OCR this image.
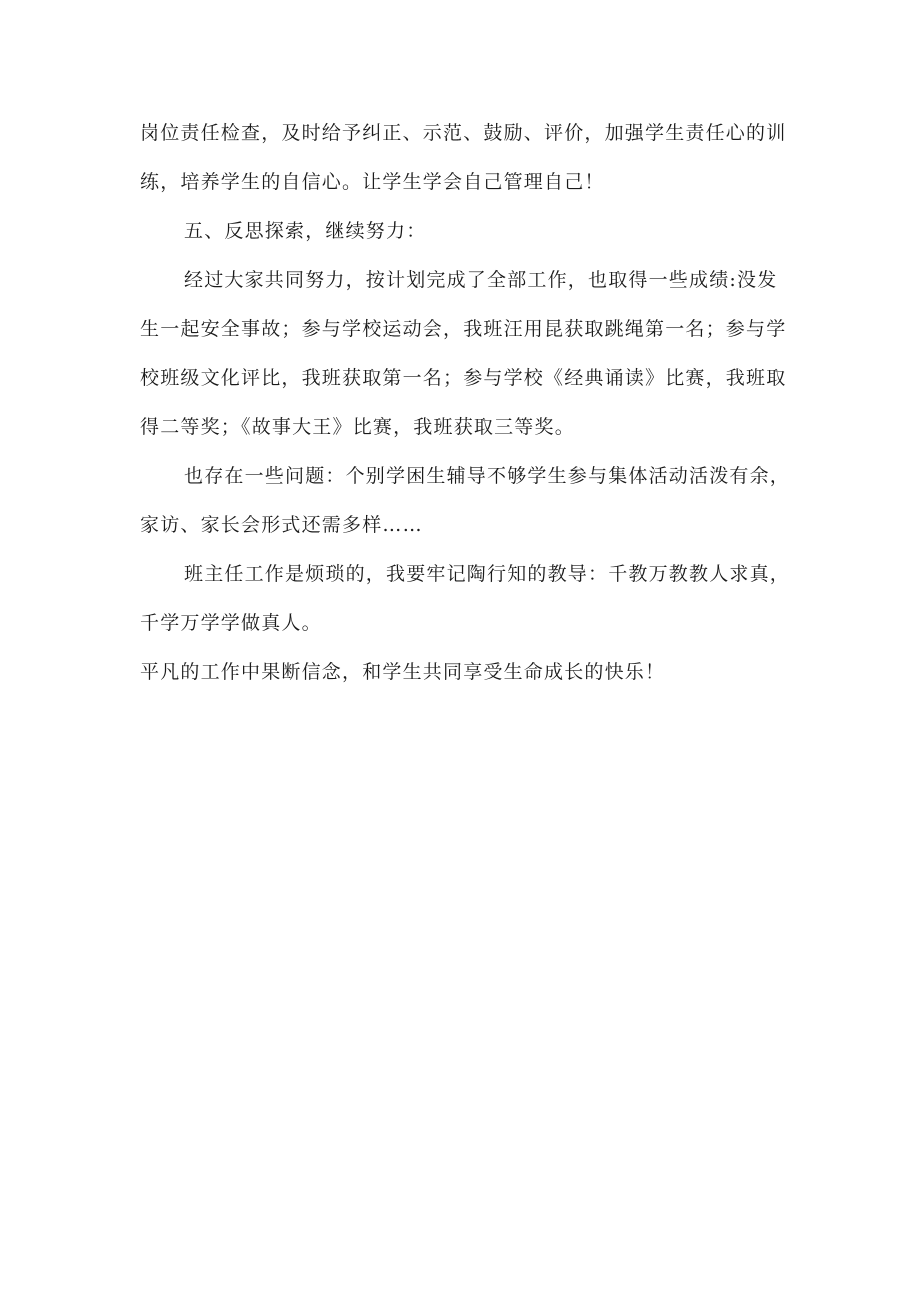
岗位责任检查，及时给予纠正、示范、鼓励、评价，加强学生责任心的训

练，培养学生的自信心。让学生学会自己管理自己！

五、反思探索，继续努力：

经过大家共同努力，按计划完成了全部工作，也取得一些成绩:没发

生一起安全事故；参与学校运动会，我班汪用昆获取跳绳第一名；参与学

校班级文化评比，我班获取第一名；参与学校《经典诵读》比赛，我班取

得二等奖；《故事大王》比赛，我班获取三等奖。

也存在一些问题：个别学困生辅导不够学生参与集体活动活泼有余，

家访、家长会形式还需多样……

班主任工作是烦琐的，我要牢记陶行知的教导：千教万教教人求真，

千学万学学做真人。

平凡的工作中果断信念，和学生共同享受生命成长的快乐！
